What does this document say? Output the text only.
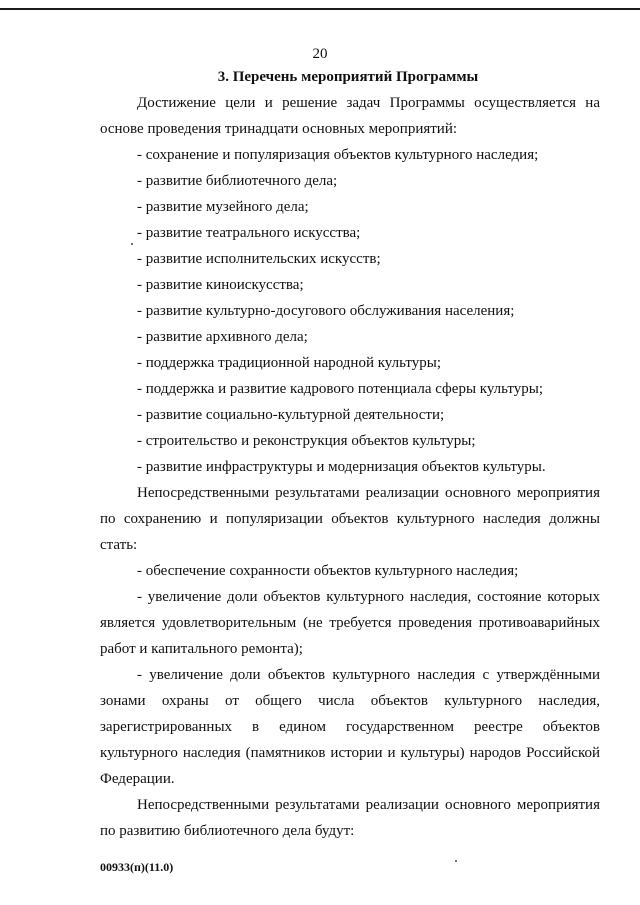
20
3. Перечень мероприятий Программы

Достижение цели и решение задач Программы осуществляется на основе проведения тринадцати основных мероприятий:

- сохранение и популяризация объектов культурного наследия;
- развитие библиотечного дела;
- развитие музейного дела;
- развитие театрального искусства;
- развитие исполнительских искусств;
- развитие киноискусства;
- развитие культурно-досугового обслуживания населения;
- развитие архивного дела;
- поддержка традиционной народной культуры;
- поддержка и развитие кадрового потенциала сферы культуры;
- развитие социально-культурной деятельности;
- строительство и реконструкция объектов культуры;
- развитие инфраструктуры и модернизация объектов культуры.

Непосредственными результатами реализации основного мероприятия по сохранению и популяризации объектов культурного наследия должны стать:

- обеспечение сохранности объектов культурного наследия;
- увеличение доли объектов культурного наследия, состояние которых является удовлетворительным (не требуется проведения противоаварийных работ и капитального ремонта);
- увеличение доли объектов культурного наследия с утверждёнными зонами охраны от общего числа объектов культурного наследия, зарегистрированных в едином государственном реестре объектов культурного наследия (памятников истории и культуры) народов Российской Федерации.

Непосредственными результатами реализации основного мероприятия по развитию библиотечного дела будут:

00933(п)(11.0)
